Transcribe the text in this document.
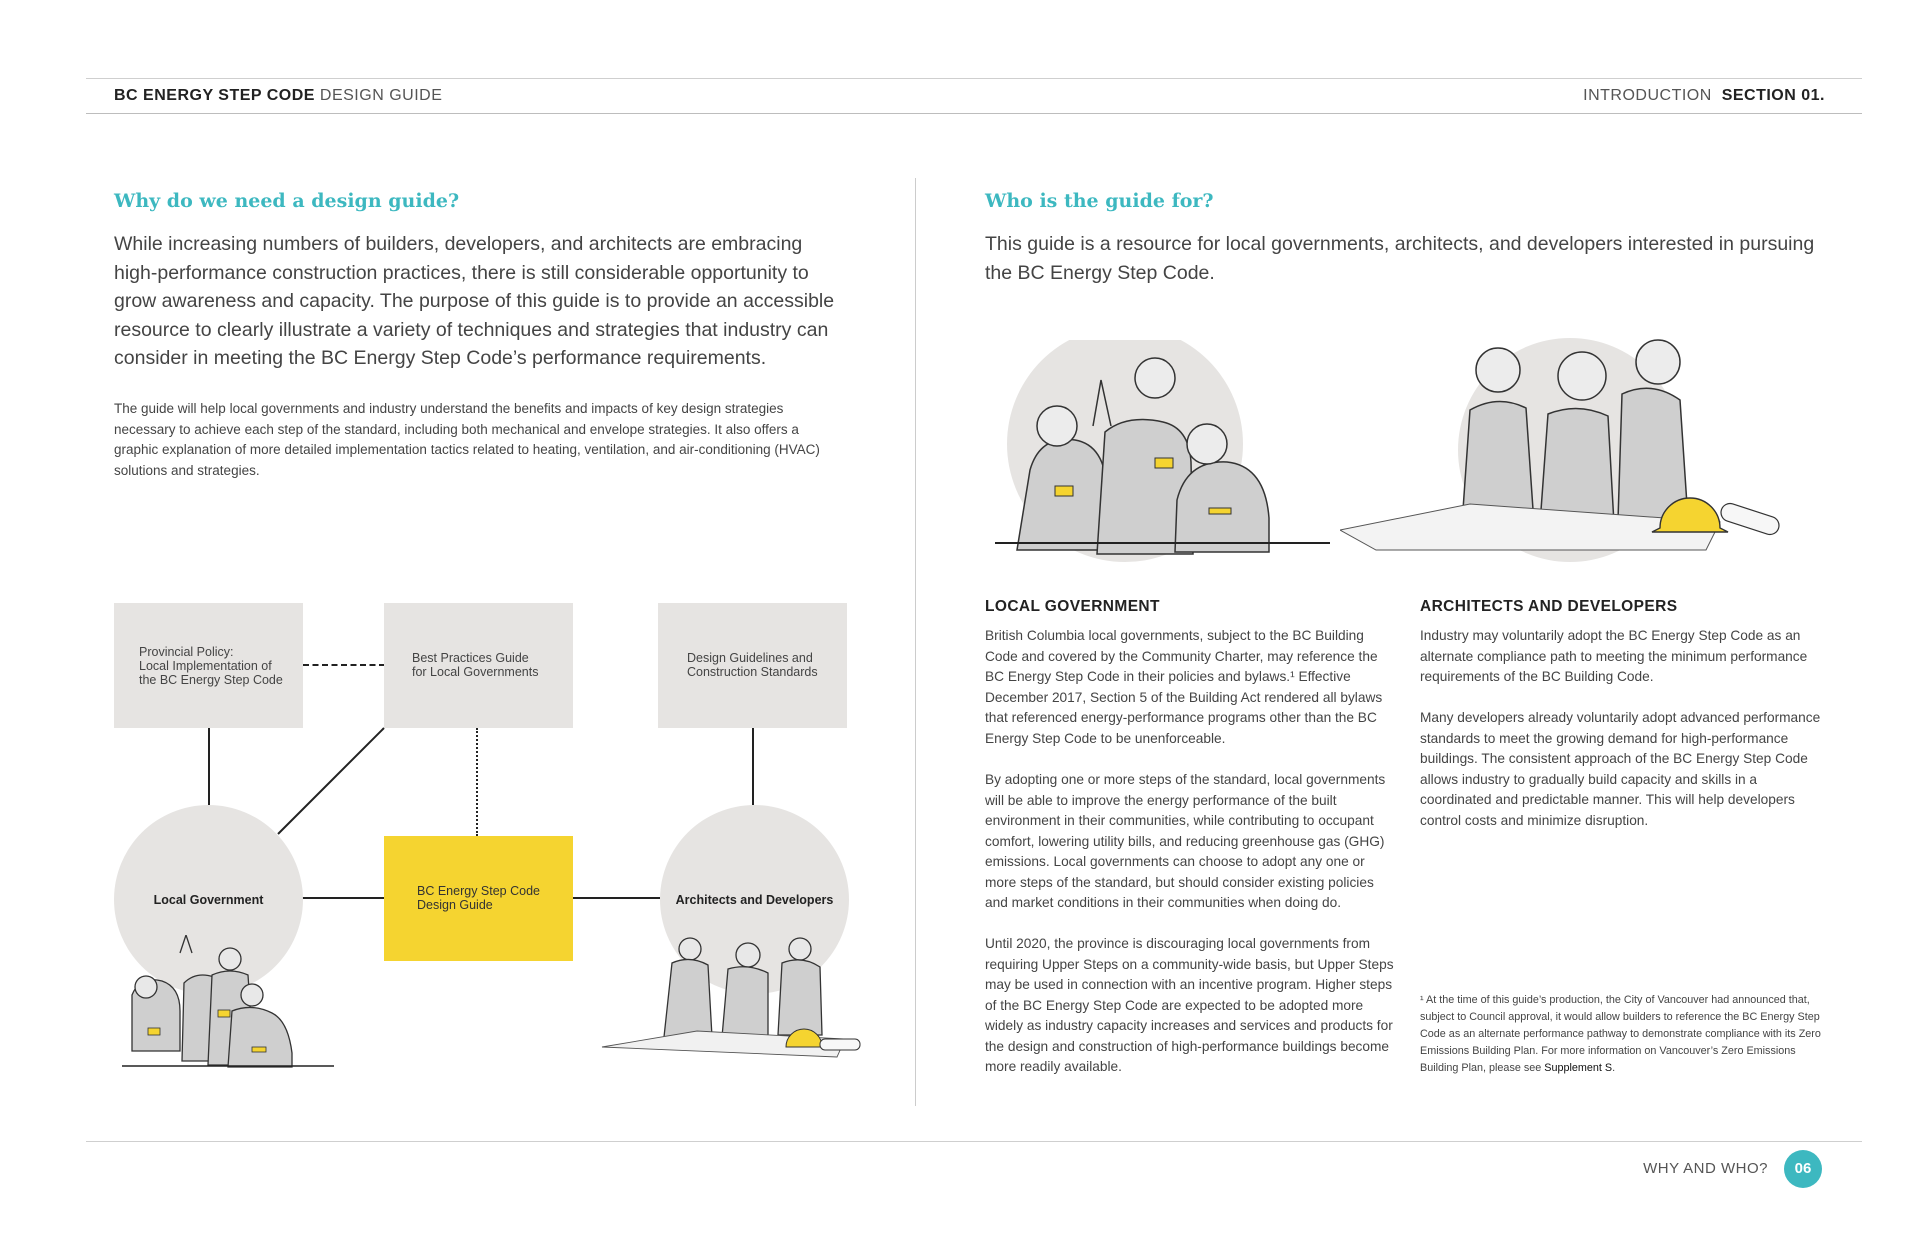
BC ENERGY STEP CODE DESIGN GUIDE	INTRODUCTION SECTION 01.
Why do we need a design guide?
While increasing numbers of builders, developers, and architects are embracing high-performance construction practices, there is still considerable opportunity to grow awareness and capacity. The purpose of this guide is to provide an accessible resource to clearly illustrate a variety of techniques and strategies that industry can consider in meeting the BC Energy Step Code’s performance requirements.
The guide will help local governments and industry understand the benefits and impacts of key design strategies necessary to achieve each step of the standard, including both mechanical and envelope strategies. It also offers a graphic explanation of more detailed implementation tactics related to heating, ventilation, and air-conditioning (HVAC) solutions and strategies.
Provincial Policy:
Local Implementation of
the BC Energy Step Code
Best Practices Guide
for Local Governments
Design Guidelines and
Construction Standards
BC Energy Step Code
Design Guide
Local Government	Architects and Developers
Who is the guide for?
This guide is a resource for local governments, architects, and developers interested in pursuing the BC Energy Step Code.
LOCAL GOVERNMENT
British Columbia local governments, subject to the BC Building Code and covered by the Community Charter, may reference the BC Energy Step Code in their policies and bylaws.¹ Effective December 2017, Section 5 of the Building Act rendered all bylaws that referenced energy-performance programs other than the BC Energy Step Code to be unenforceable.
By adopting one or more steps of the standard, local governments will be able to improve the energy performance of the built environment in their communities, while contributing to occupant comfort, lowering utility bills, and reducing greenhouse gas (GHG) emissions. Local governments can choose to adopt any one or more steps of the standard, but should consider existing policies and market conditions in their communities when doing do.
Until 2020, the province is discouraging local governments from requiring Upper Steps on a community-wide basis, but Upper Steps may be used in connection with an incentive program. Higher steps of the BC Energy Step Code are expected to be adopted more widely as industry capacity increases and services and products for the design and construction of high-performance buildings become more readily available.
ARCHITECTS AND DEVELOPERS
Industry may voluntarily adopt the BC Energy Step Code as an alternate compliance path to meeting the minimum performance requirements of the BC Building Code.
Many developers already voluntarily adopt advanced performance standards to meet the growing demand for high-performance buildings. The consistent approach of the BC Energy Step Code allows industry to gradually build capacity and skills in a coordinated and predictable manner. This will help developers control costs and minimize disruption.
¹ At the time of this guide’s production, the City of Vancouver had announced that, subject to Council approval, it would allow builders to reference the BC Energy Step Code as an alternate performance pathway to demonstrate compliance with its Zero Emissions Building Plan. For more information on Vancouver’s Zero Emissions Building Plan, please see Supplement S.
WHY AND WHO?	06
